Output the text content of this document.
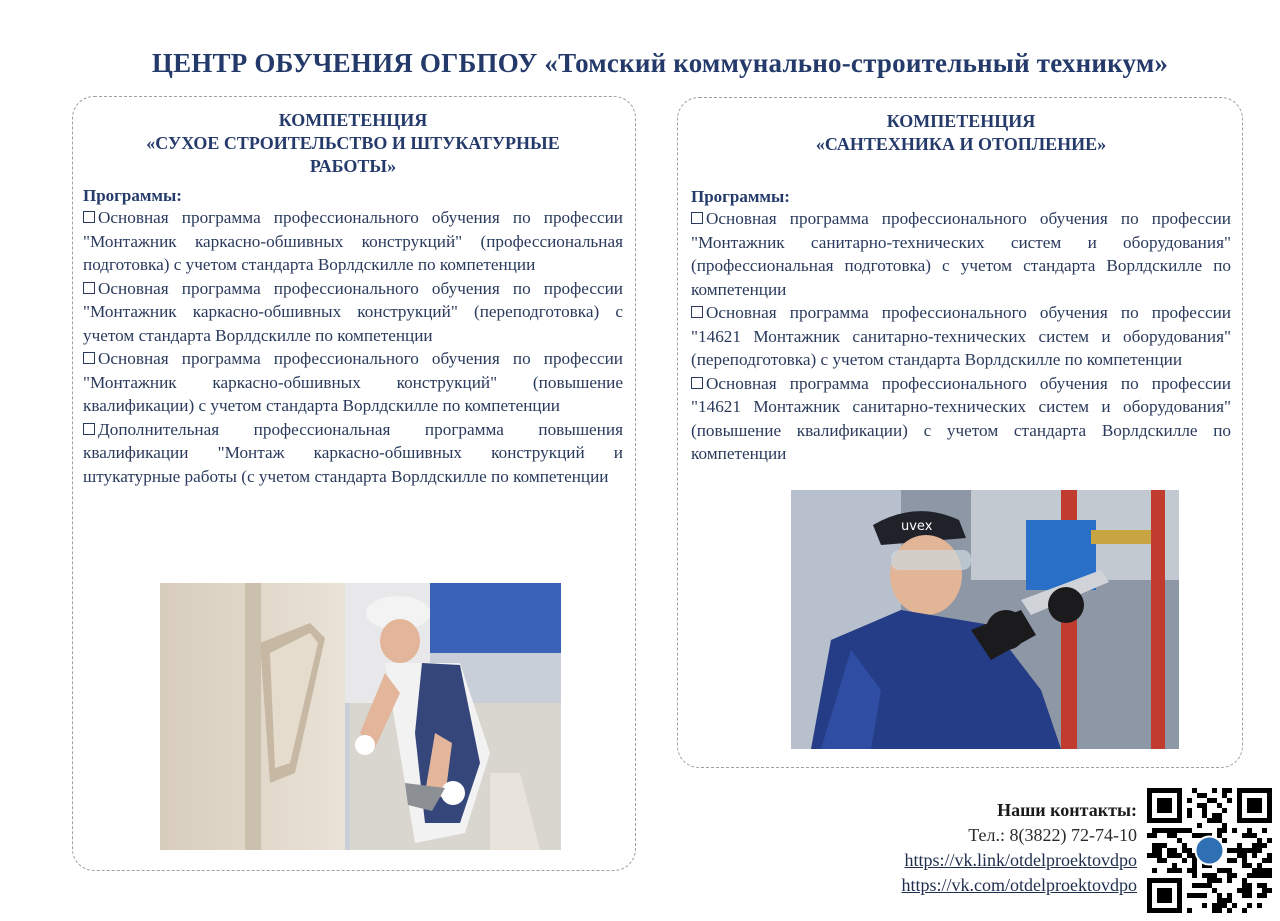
ЦЕНТР ОБУЧЕНИЯ ОГБПОУ «Томский коммунально-строительный техникум»
КОМПЕТЕНЦИЯ
«СУХОЕ СТРОИТЕЛЬСТВО И ШТУКАТУРНЫЕ
РАБОТЫ»
Программы:
Основная программа профессионального обучения по профессии "Монтажник каркасно-обшивных конструкций" (профессиональная подготовка) с учетом стандарта Ворлдскилле по компетенции
Основная программа профессионального обучения по профессии "Монтажник каркасно-обшивных конструкций" (переподготовка) с учетом стандарта Ворлдскилле по компетенции
Основная программа профессионального обучения по профессии "Монтажник каркасно-обшивных конструкций" (повышение квалификации) с учетом стандарта Ворлдскилле по компетенции
Дополнительная профессиональная программа повышения квалификации "Монтаж каркасно-обшивных конструкций и штукатурные работы (с учетом стандарта Ворлдскилле по компетенции
КОМПЕТЕНЦИЯ
«САНТЕХНИКА И ОТОПЛЕНИЕ»
Программы:
Основная программа профессионального обучения по профессии "Монтажник санитарно-технических систем и оборудования" (профессиональная подготовка) с учетом стандарта Ворлдскилле по компетенции
Основная программа профессионального обучения по профессии "14621 Монтажник санитарно-технических систем и оборудования" (переподготовка) с учетом стандарта Ворлдскилле по компетенции
Основная программа профессионального обучения по профессии "14621 Монтажник санитарно-технических систем и оборудования" (повышение квалификации) с учетом стандарта Ворлдскилле по компетенции
uvex
Наши контакты:
Тел.: 8(3822) 72-74-10
https://vk.link/otdelproektovdpo
https://vk.com/otdelproektovdpo
